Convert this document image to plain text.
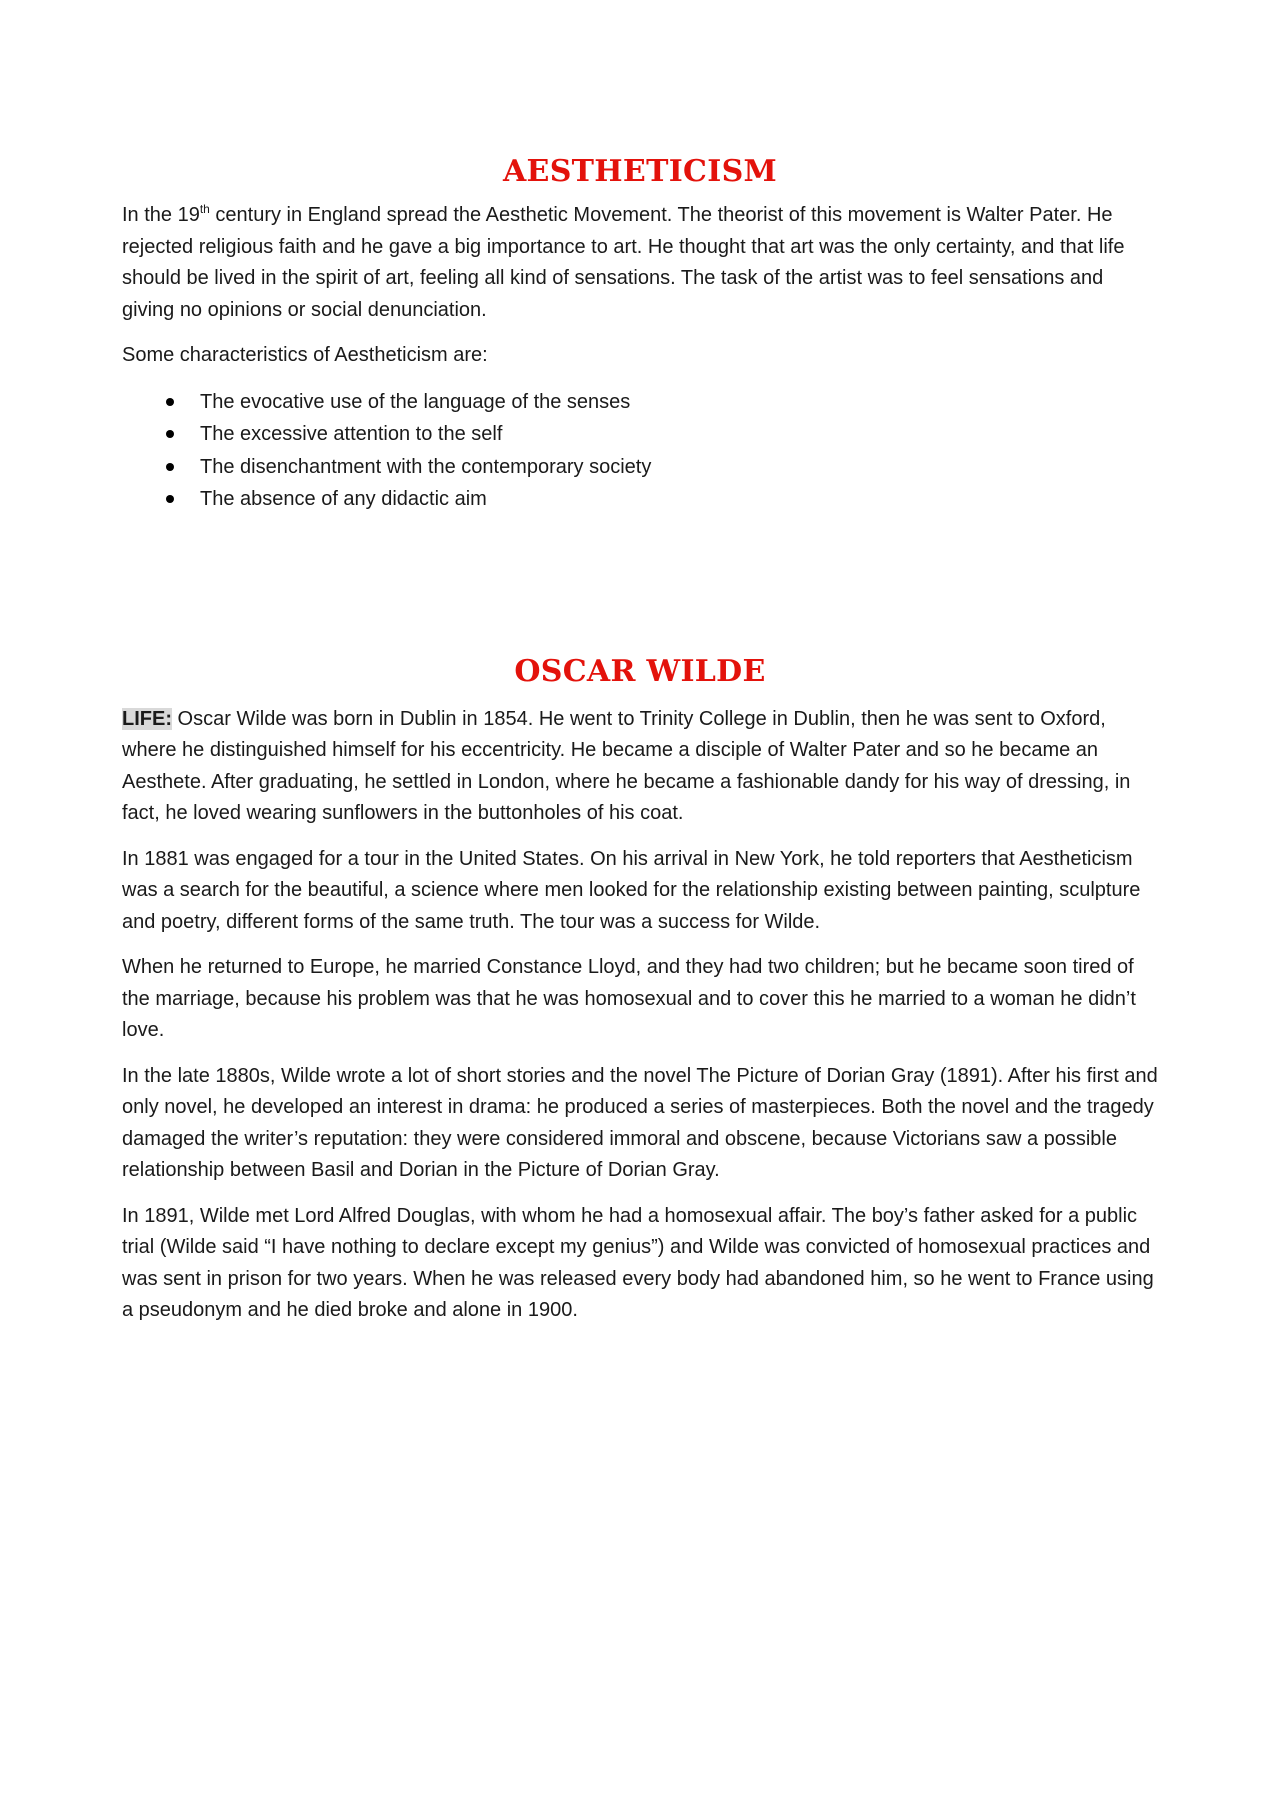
AESTHETICISM

In the 19th century in England spread the Aesthetic Movement. The theorist of this movement is Walter Pater. He rejected religious faith and he gave a big importance to art. He thought that art was the only certainty, and that life should be lived in the spirit of art, feeling all kind of sensations. The task of the artist was to feel sensations and giving no opinions or social denunciation.

Some characteristics of Aestheticism are:

The evocative use of the language of the senses
The excessive attention to the self
The disenchantment with the contemporary society
The absence of any didactic aim
OSCAR WILDE

LIFE: Oscar Wilde was born in Dublin in 1854. He went to Trinity College in Dublin, then he was sent to Oxford, where he distinguished himself for his eccentricity. He became a disciple of Walter Pater and so he became an Aesthete. After graduating, he settled in London, where he became a fashionable dandy for his way of dressing, in fact, he loved wearing sunflowers in the buttonholes of his coat.

In 1881 was engaged for a tour in the United States. On his arrival in New York, he told reporters that Aestheticism was a search for the beautiful, a science where men looked for the relationship existing between painting, sculpture and poetry, different forms of the same truth. The tour was a success for Wilde.

When he returned to Europe, he married Constance Lloyd, and they had two children; but he became soon tired of the marriage, because his problem was that he was homosexual and to cover this he married to a woman he didn’t love.

In the late 1880s, Wilde wrote a lot of short stories and the novel The Picture of Dorian Gray (1891). After his first and only novel, he developed an interest in drama: he produced a series of masterpieces. Both the novel and the tragedy damaged the writer’s reputation: they were considered immoral and obscene, because Victorians saw a possible relationship between Basil and Dorian in the Picture of Dorian Gray.

In 1891, Wilde met Lord Alfred Douglas, with whom he had a homosexual affair. The boy’s father asked for a public trial (Wilde said “I have nothing to declare except my genius”) and Wilde was convicted of homosexual practices and was sent in prison for two years. When he was released every body had abandoned him, so he went to France using a pseudonym and he died broke and alone in 1900.
